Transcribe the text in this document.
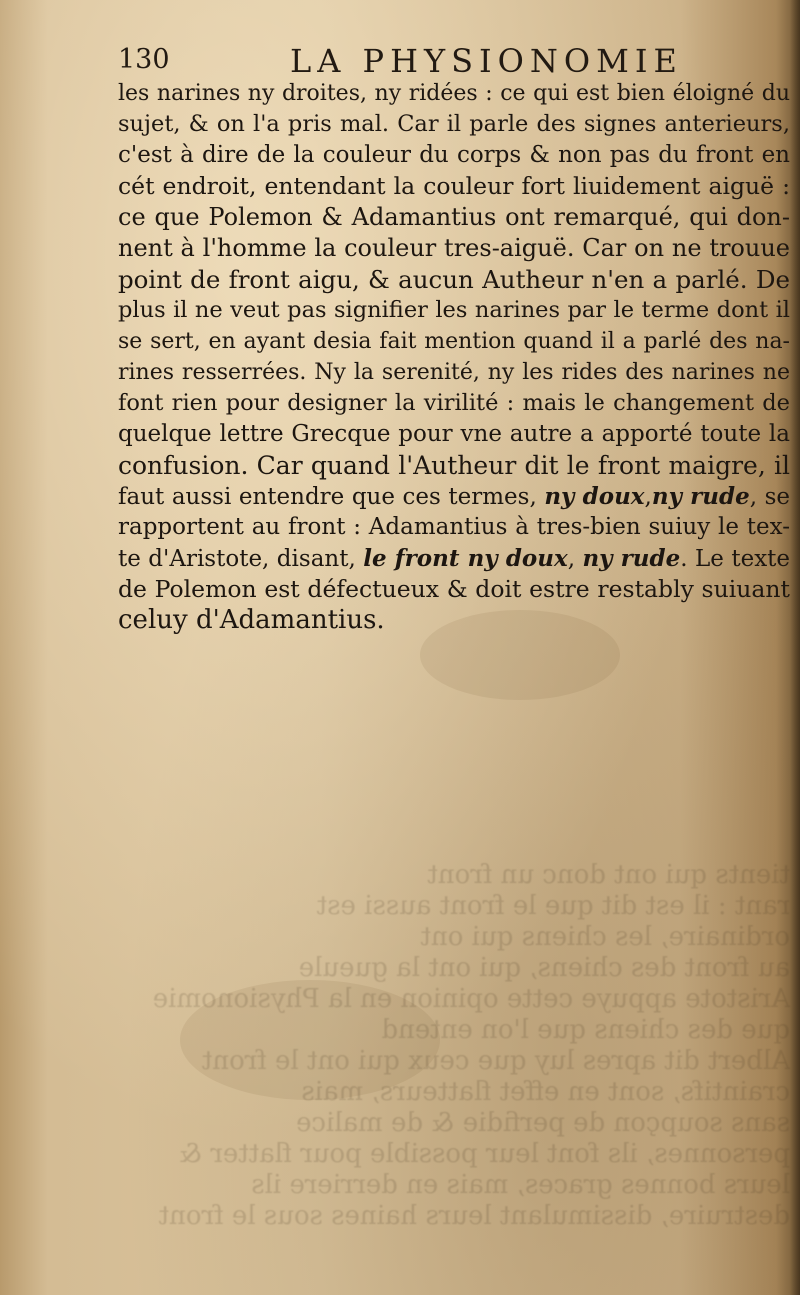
tients qui ont donc un front
rant : il est dit que le front aussi est
ordinaire, les chiens qui ont
au front des chiens, qui ont la gueule
Aristote appuye cette opinion en la Physionomie
que des chiens que l'on entend
Albert dit apres luy que ceux qui ont le front
craintifs, sont en effet flatteurs, mais
sans soupçon de perfidie & de malice
personnes, ils font leur possible pour flatter &
leurs bonnes graces, mais en derriere ils
destruire, dissimulant leurs haines sous le front
130	LA PHYSIONOMIE
les narines ny droites, ny ridées : ce qui est bien éloigné du
sujet, & on l'a pris mal. Car il parle des signes anterieurs,
c'est à dire de la couleur du corps & non pas du front en
cét endroit, entendant la couleur fort liuidement aiguë :
ce que Polemon & Adamantius ont remarqué, qui don-
nent à l'homme la couleur tres-aiguë. Car on ne trouue
point de front aigu, & aucun Autheur n'en a parlé. De
plus il ne veut pas signifier les narines par le terme dont il
se sert, en ayant desia fait mention quand il a parlé des na-
rines resserrées. Ny la serenité, ny les rides des narines ne
font rien pour designer la virilité : mais le changement de
quelque lettre Grecque pour vne autre a apporté toute la
confusion. Car quand l'Autheur dit le front maigre, il
faut aussi entendre que ces termes, ny doux,ny rude, se
rapportent au front : Adamantius à tres-bien suiuy le tex-
te d'Aristote, disant, le front ny doux, ny rude. Le texte
de Polemon est défectueux & doit estre restably suiuant
celuy d'Adamantius.
